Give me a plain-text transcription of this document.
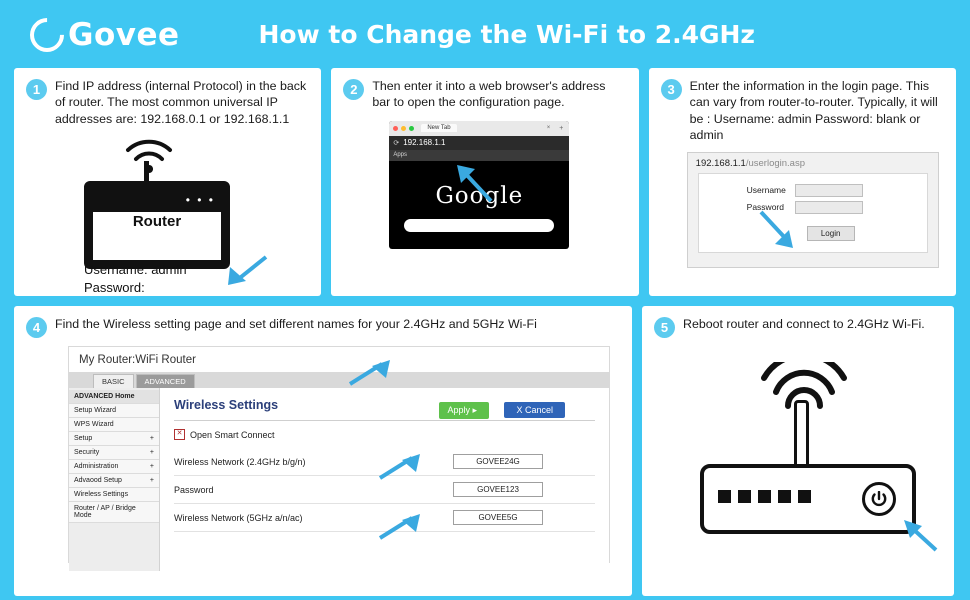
Govee	How to Change the Wi-Fi to 2.4GHz
1	Find IP address (internal Protocol) in the back of router. The most common universal IP addresses are: 192.168.0.1 or 192.168.1.1
• • •
Router
Username: admin
Password:
2	Then enter it into a web browser's address bar to open the configuration page.
New Tab	× +
⟳ 192.168.1.1
Apps
Google
3	Enter the information in the login page. This can vary from router-to-router. Typically, it will be : Username: admin Password: blank or admin
192.168.1.1/userlogin.asp
Username
Password
Login
4	Find the Wireless setting page and set different names for your 2.4GHz and 5GHz Wi-Fi
My Router:WiFi Router
BASIC	ADVANCED
ADVANCED Home
Setup Wizard
WPS Wizard
Setup	+
Security	+
Administration	+
Advaood Setup	+
Wireless Settings
Router / AP / Bridge Mode
Wireless Settings	Apply ▸	X Cancel
✕ Open Smart Connect
Wireless Network (2.4GHz b/g/n)	GOVEE24G
Password	GOVEE123
Wireless Network (5GHz a/n/ac)	GOVEE5G
5	Reboot router and connect to 2.4GHz Wi-Fi.
